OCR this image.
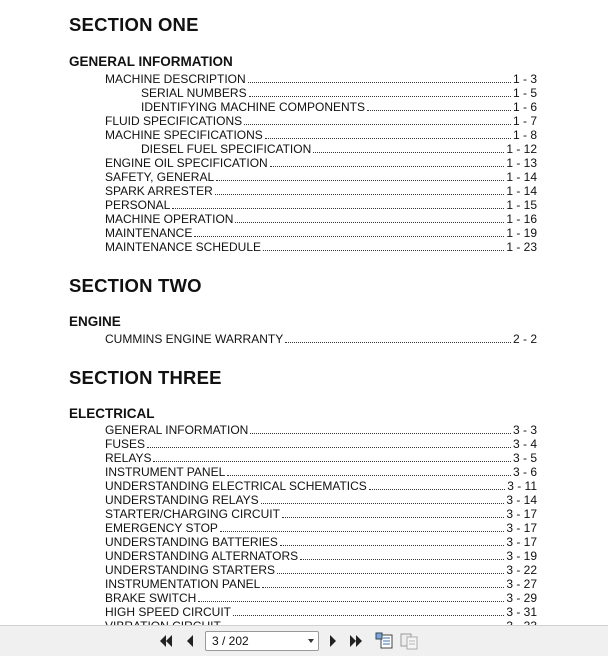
SECTION ONE
GENERAL INFORMATION
MACHINE DESCRIPTION	1 - 3
SERIAL NUMBERS	1 - 5
IDENTIFYING MACHINE COMPONENTS	1 - 6
FLUID SPECIFICATIONS	1 - 7
MACHINE SPECIFICATIONS	1 - 8
DIESEL FUEL SPECIFICATION	1 - 12
ENGINE OIL SPECIFICATION	1 - 13
SAFETY, GENERAL	1 - 14
SPARK ARRESTER	1 - 14
PERSONAL	1 - 15
MACHINE OPERATION	1 - 16
MAINTENANCE	1 - 19
MAINTENANCE SCHEDULE	1 - 23
SECTION TWO
ENGINE
CUMMINS ENGINE WARRANTY	2 - 2
SECTION THREE
ELECTRICAL
GENERAL INFORMATION	3 - 3
FUSES	3 - 4
RELAYS	3 - 5
INSTRUMENT PANEL	3 - 6
UNDERSTANDING ELECTRICAL SCHEMATICS	3 - 11
UNDERSTANDING RELAYS	3 - 14
STARTER/CHARGING CIRCUIT	3 - 17
EMERGENCY STOP	3 - 17
UNDERSTANDING BATTERIES	3 - 17
UNDERSTANDING ALTERNATORS	3 - 19
UNDERSTANDING STARTERS	3 - 22
INSTRUMENTATION PANEL	3 - 27
BRAKE SWITCH	3 - 29
HIGH SPEED CIRCUIT	3 - 31
3 / 202
